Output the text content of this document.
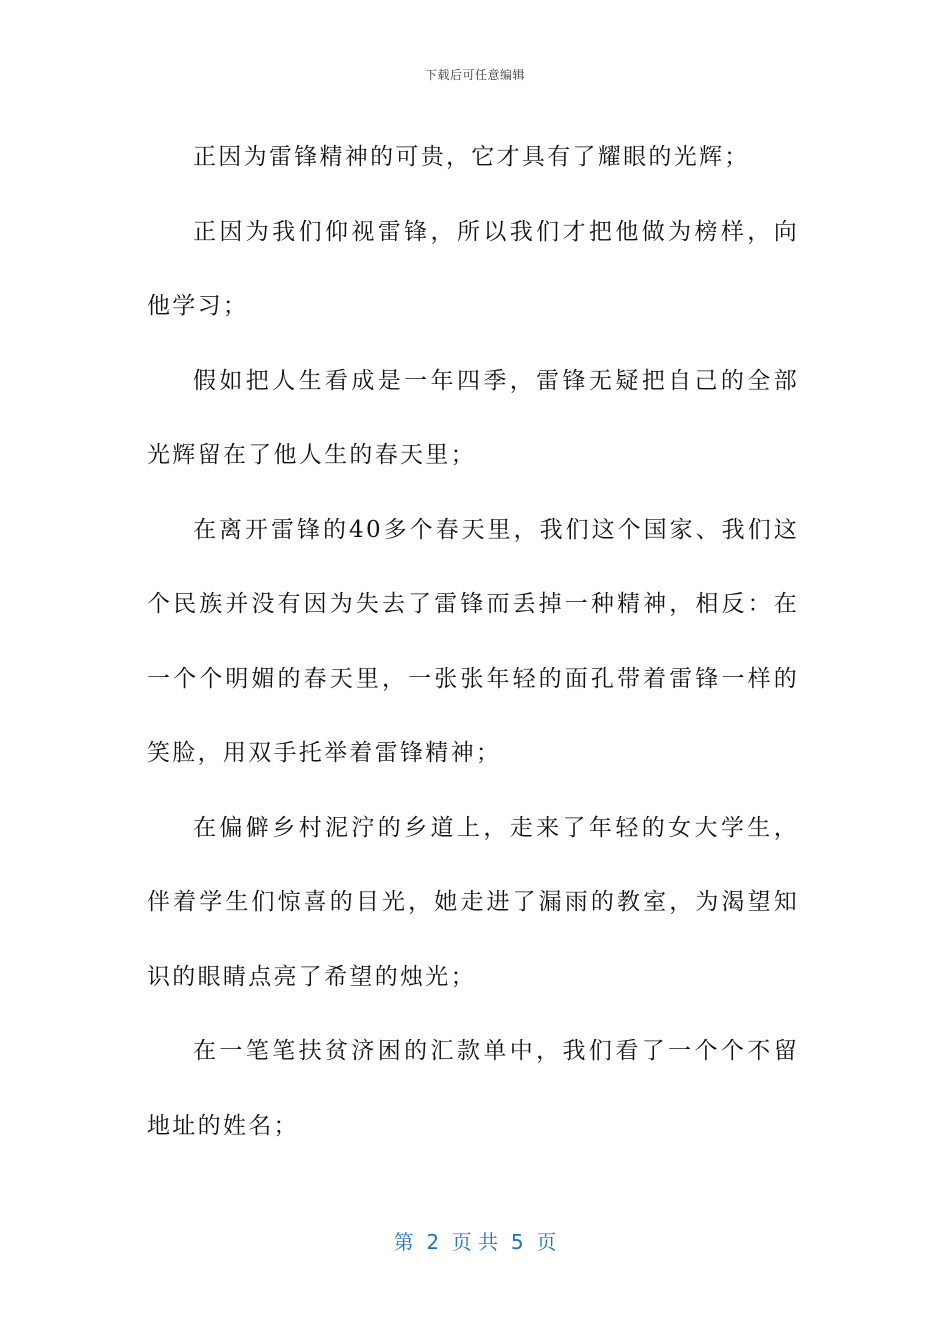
下载后可任意编辑

正因为雷锋精神的可贵，它才具有了耀眼的光辉；

正因为我们仰视雷锋，所以我们才把他做为榜样，向他学习；

假如把人生看成是一年四季，雷锋无疑把自己的全部光辉留在了他人生的春天里；

在离开雷锋的40多个春天里，我们这个国家、我们这个民族并没有因为失去了雷锋而丢掉一种精神，相反：在一个个明媚的春天里，一张张年轻的面孔带着雷锋一样的笑脸，用双手托举着雷锋精神；

在偏僻乡村泥泞的乡道上，走来了年轻的女大学生，伴着学生们惊喜的目光，她走进了漏雨的教室，为渴望知识的眼睛点亮了希望的烛光；

在一笔笔扶贫济困的汇款单中，我们看了一个个不留地址的姓名；

第  2  页 共  5  页
